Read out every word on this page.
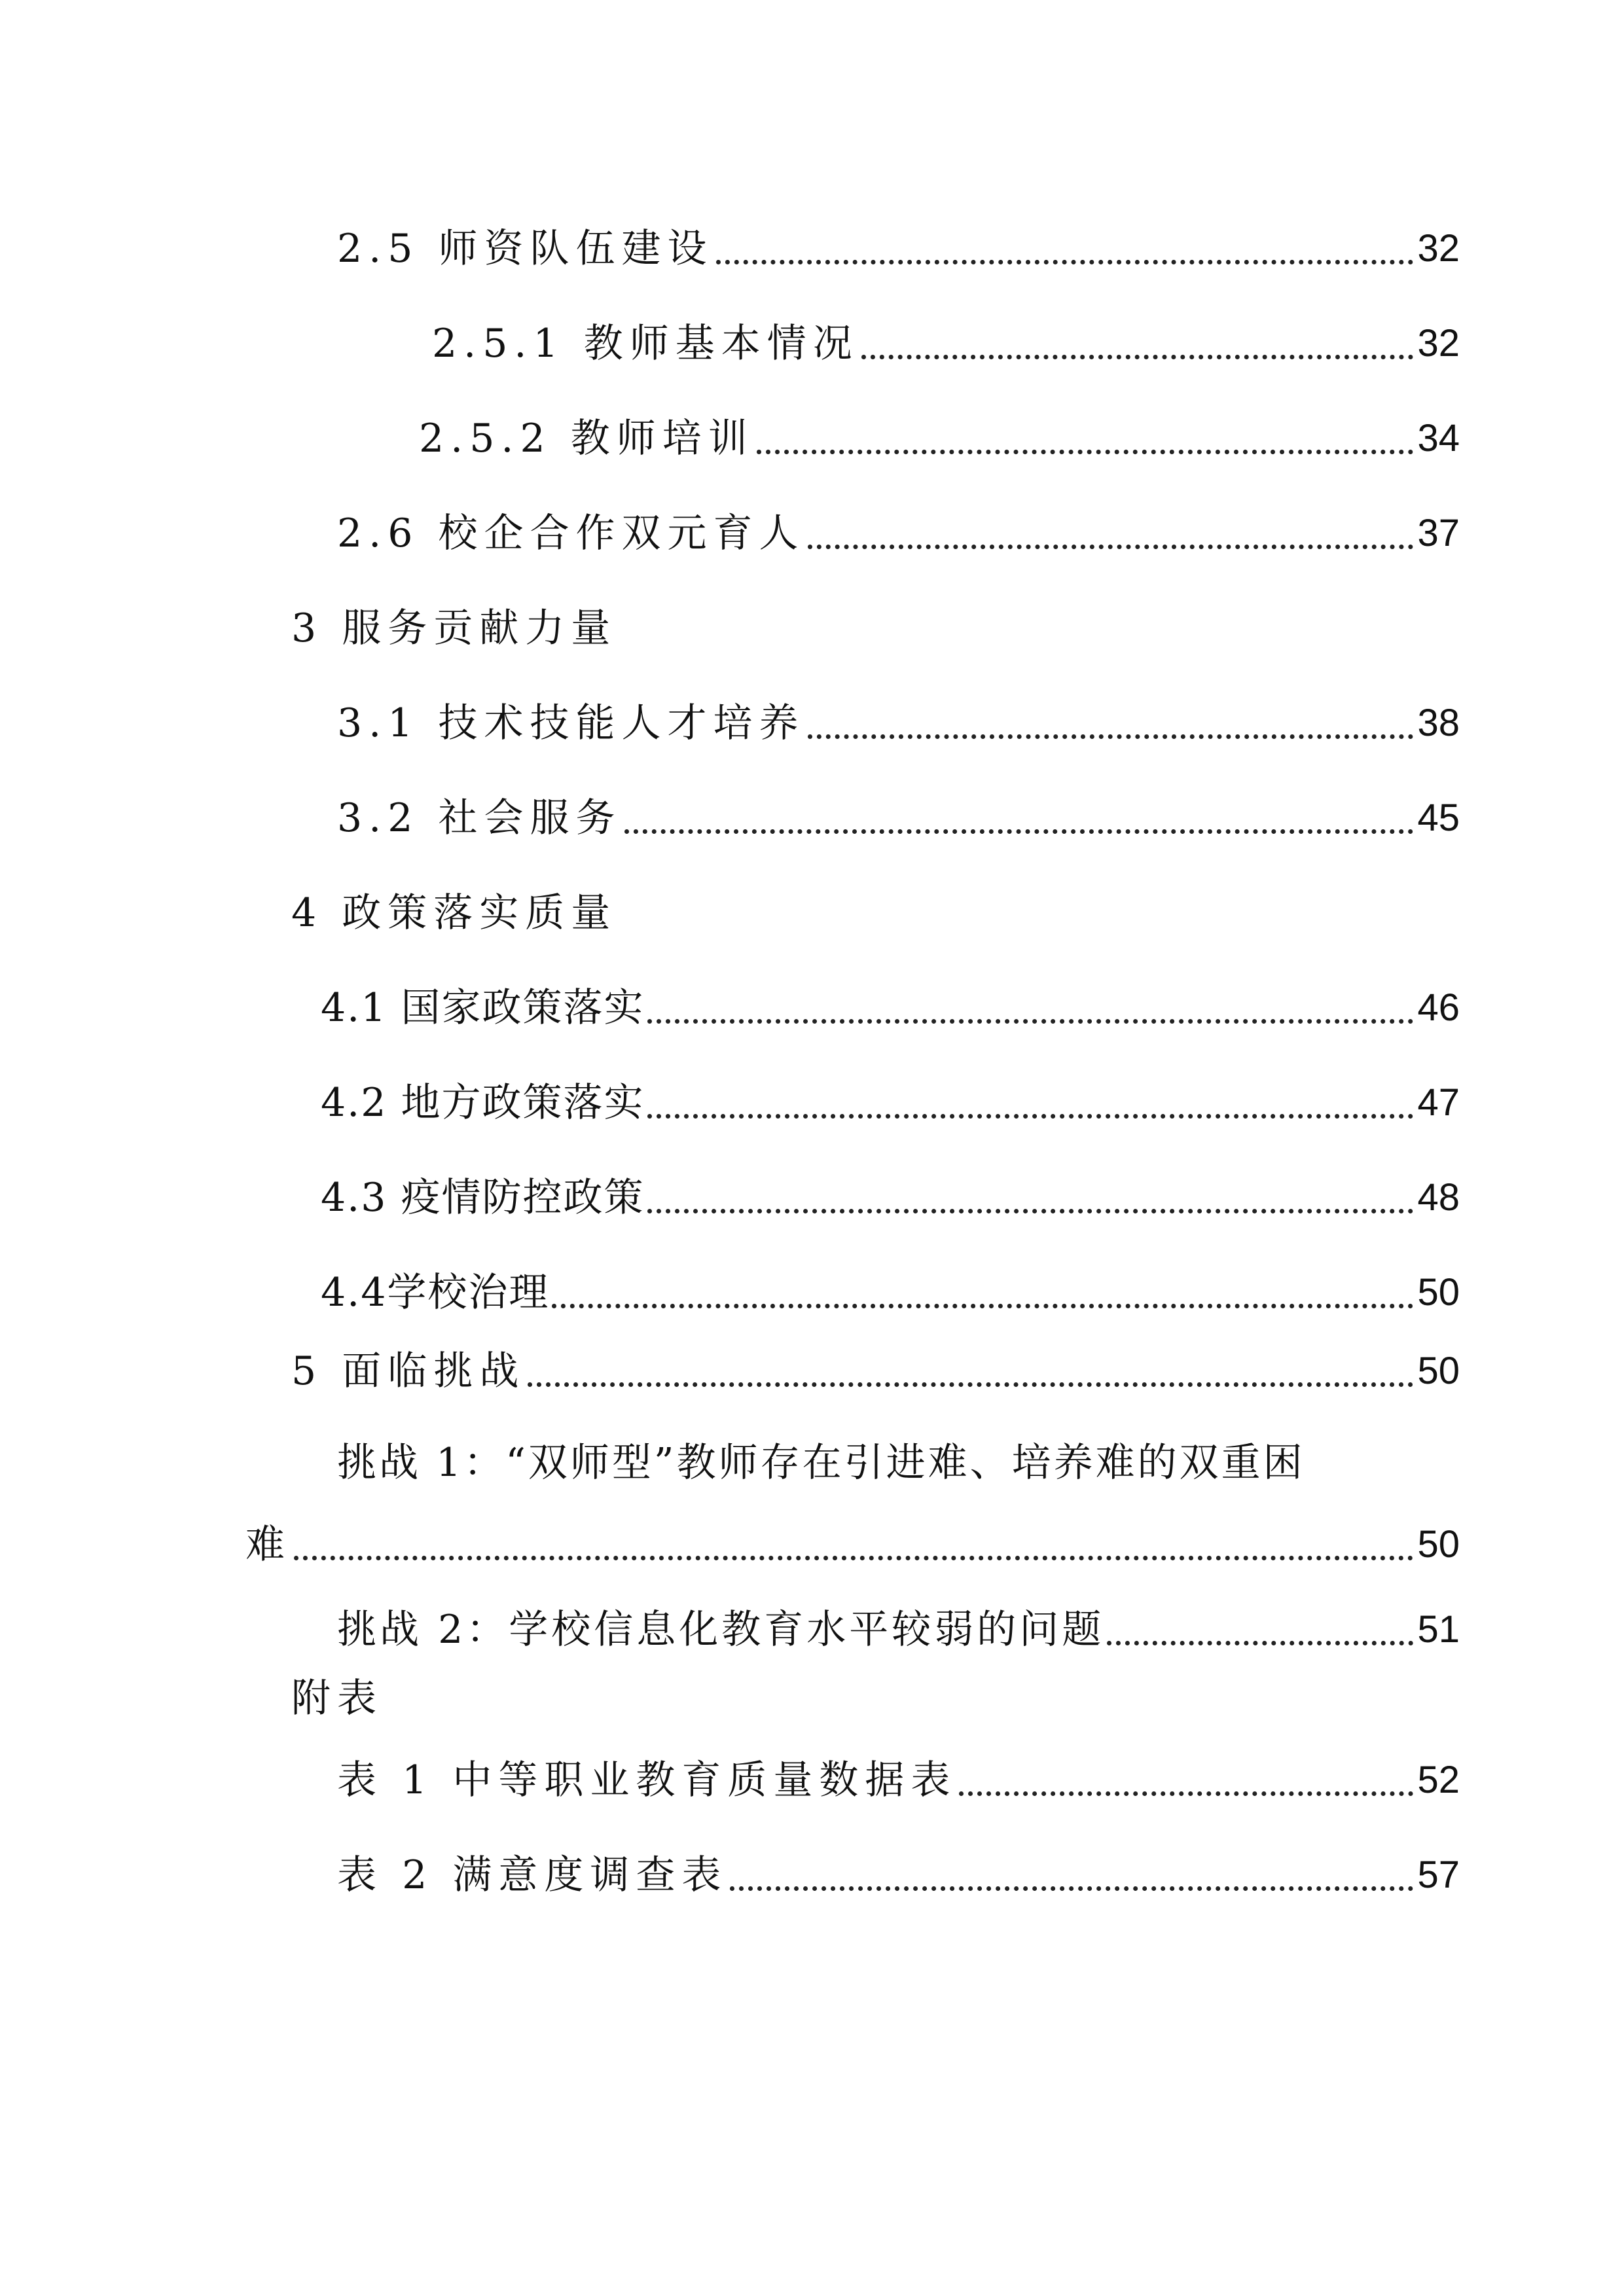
2.5 师资队伍建设	32
2.5.1 教师基本情况	32
2.5.2 教师培训	34
2.6 校企合作双元育人	37
3 服务贡献力量
3.1 技术技能人才培养	38
3.2 社会服务	45
4 政策落实质量
4.1 国家政策落实	46
4.2 地方政策落实	47
4.3 疫情防控政策	48
4.4学校治理	50
5 面临挑战	50
挑战 1：“双师型”教师存在引进难、培养难的双重困
难	50
挑战 2：学校信息化教育水平较弱的问题	51
附表
表 1 中等职业教育质量数据表	52
表 2 满意度调查表	57
